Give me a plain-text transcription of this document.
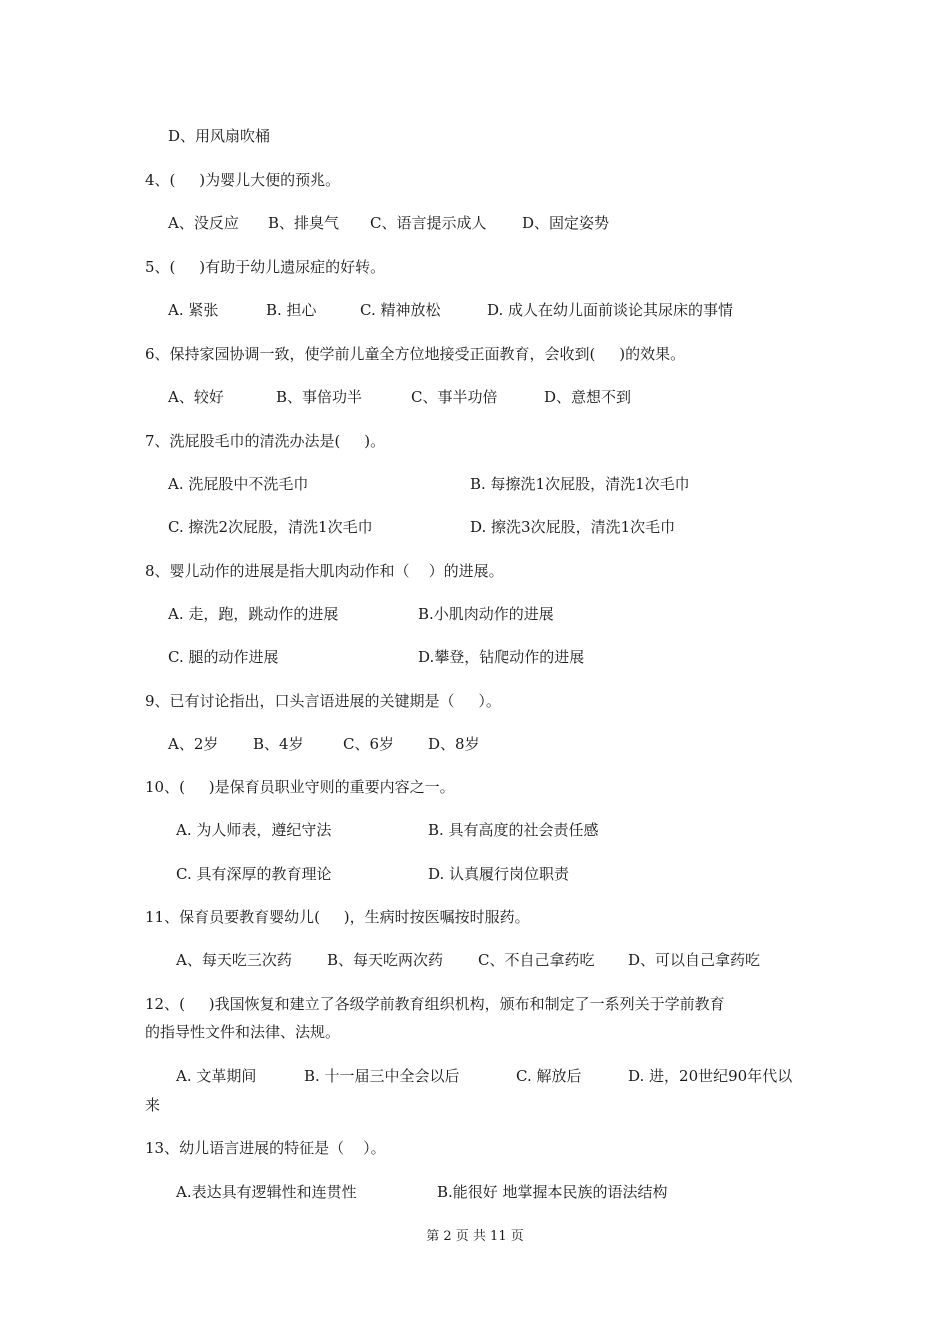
D、用风扇吹桶
4、(     )为婴儿大便的预兆。
A、没反应 B、排臭气 C、语言提示成人 D、固定姿势
5、(     )有助于幼儿遗尿症的好转。
A. 紧张	B. 担心	C. 精神放松	D. 成人在幼儿面前谈论其尿床的事情
6、保持家园协调一致，使学前儿童全方位地接受正面教育，会收到(     )的效果。
A、较好	B、事倍功半	C、事半功倍	D、意想不到
7、洗屁股毛巾的清洗办法是(     )。
A. 洗屁股中不洗毛巾	B. 每擦洗1次屁股，清洗1次毛巾
C. 擦洗2次屁股，清洗1次毛巾	D. 擦洗3次屁股，清洗1次毛巾
8、婴儿动作的进展是指大肌肉动作和（    ）的进展。
A. 走，跑，跳动作的进展	B.小肌肉动作的进展
C. 腿的动作进展	D.攀登，钻爬动作的进展
9、已有讨论指出，口头言语进展的关键期是（     ）。
A、2岁 B、4岁	C、6岁 D、8岁
10、(     )是保育员职业守则的重要内容之一。
A. 为人师表，遵纪守法	B. 具有高度的社会责任感
C. 具有深厚的教育理论	D. 认真履行岗位职责
11、保育员要教育婴幼儿(     )，生病时按医嘱按时服药。
A、每天吃三次药 B、每天吃两次药 C、不自己拿药吃 D、可以自己拿药吃
12、(     )我国恢复和建立了各级学前教育组织机构，颁布和制定了一系列关于学前教育
的指导性文件和法律、法规。
A. 文革期间	B. 十一届三中全会以后	C. 解放后	D. 进，20世纪90年代以
来
13、幼儿语言进展的特征是（    ）。
A.表达具有逻辑性和连贯性	B.能很好 地掌握本民族的语法结构
第 2 页 共 11 页
